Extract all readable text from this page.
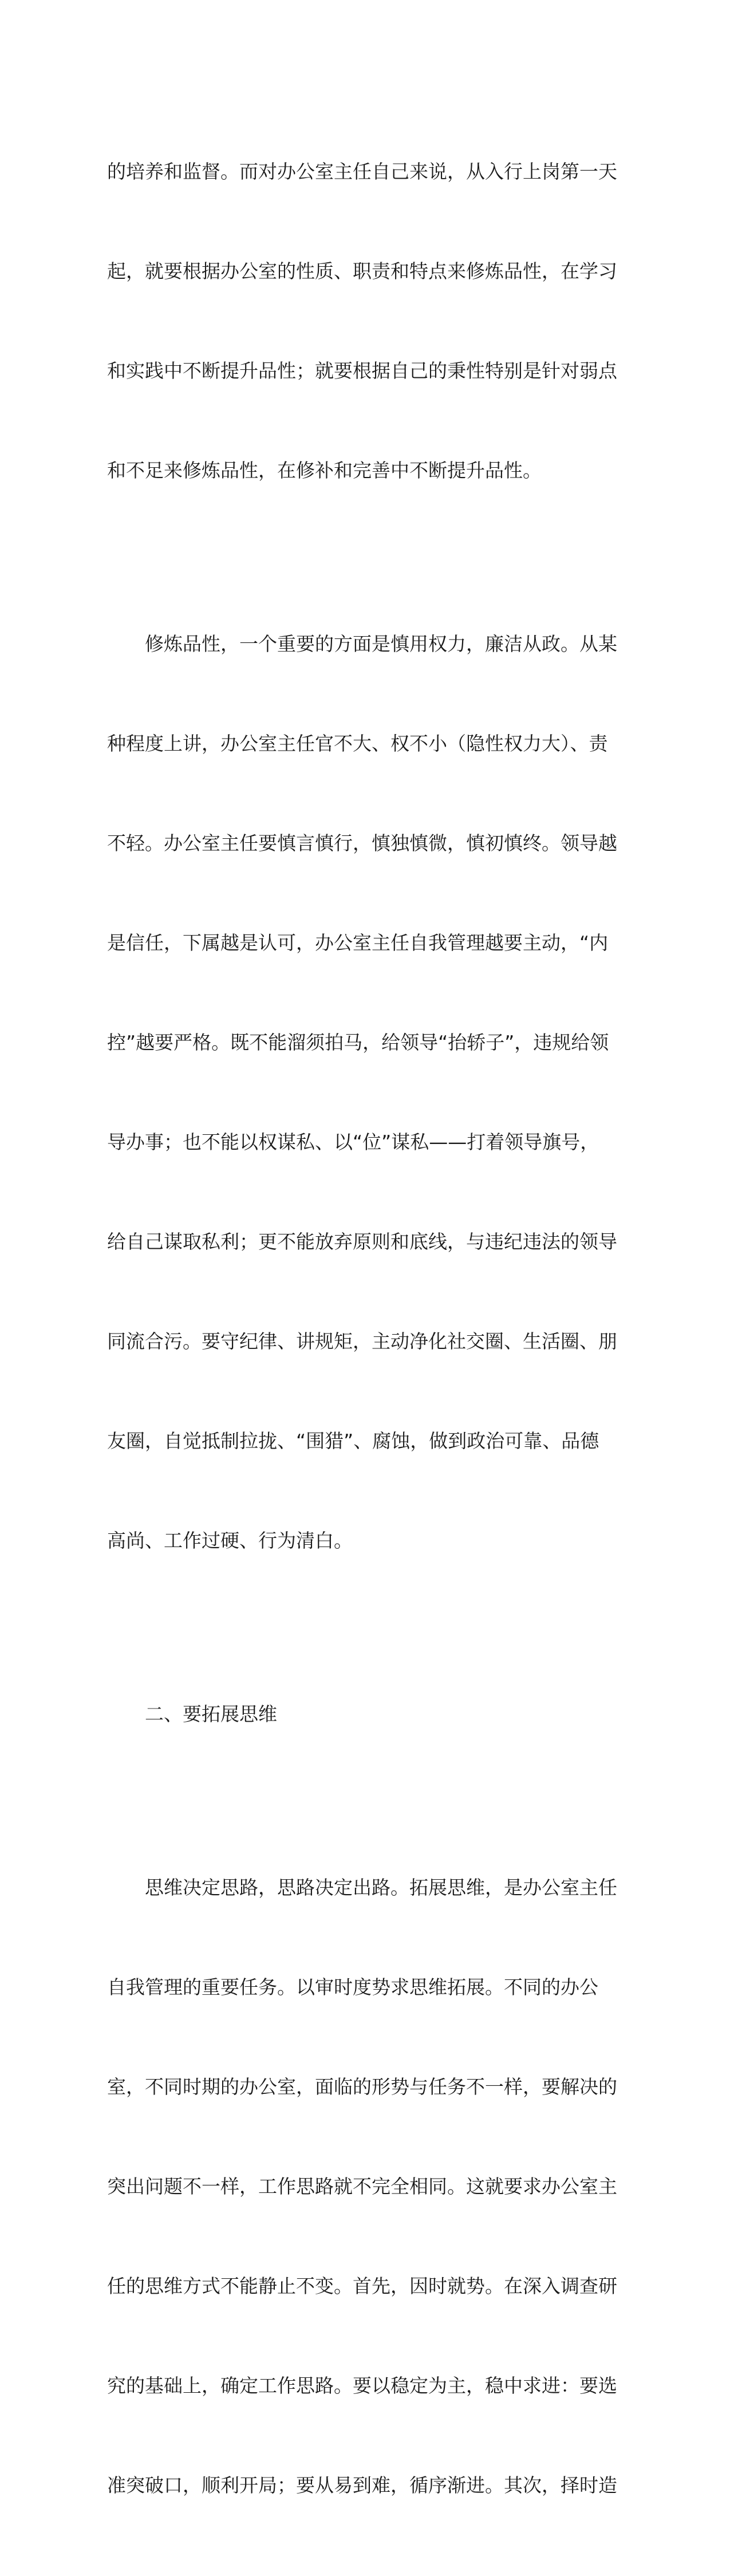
的培养和监督。而对办公室主任自己来说，从入行上岗第一天

起，就要根据办公室的性质、职责和特点来修炼品性，在学习

和实践中不断提升品性；就要根据自己的秉性特别是针对弱点

和不足来修炼品性，在修补和完善中不断提升品性。

　　修炼品性，一个重要的方面是慎用权力，廉洁从政。从某

种程度上讲，办公室主任官不大、权不小（隐性权力大）、责

不轻。办公室主任要慎言慎行，慎独慎微，慎初慎终。领导越

是信任，下属越是认可，办公室主任自我管理越要主动，“内

控”越要严格。既不能溜须拍马，给领导“抬轿子”，违规给领

导办事；也不能以权谋私、以“位”谋私——打着领导旗号，

给自己谋取私利；更不能放弃原则和底线，与违纪违法的领导

同流合污。要守纪律、讲规矩，主动净化社交圈、生活圈、朋

友圈，自觉抵制拉拢、“围猎”、腐蚀，做到政治可靠、品德

高尚、工作过硬、行为清白。

　　二、要拓展思维

　　思维决定思路，思路决定出路。拓展思维，是办公室主任

自我管理的重要任务。以审时度势求思维拓展。不同的办公

室，不同时期的办公室，面临的形势与任务不一样，要解决的

突出问题不一样，工作思路就不完全相同。这就要求办公室主

任的思维方式不能静止不变。首先，因时就势。在深入调查研

究的基础上，确定工作思路。要以稳定为主，稳中求进：要选

准突破口，顺利开局；要从易到难，循序渐进。其次，择时造
